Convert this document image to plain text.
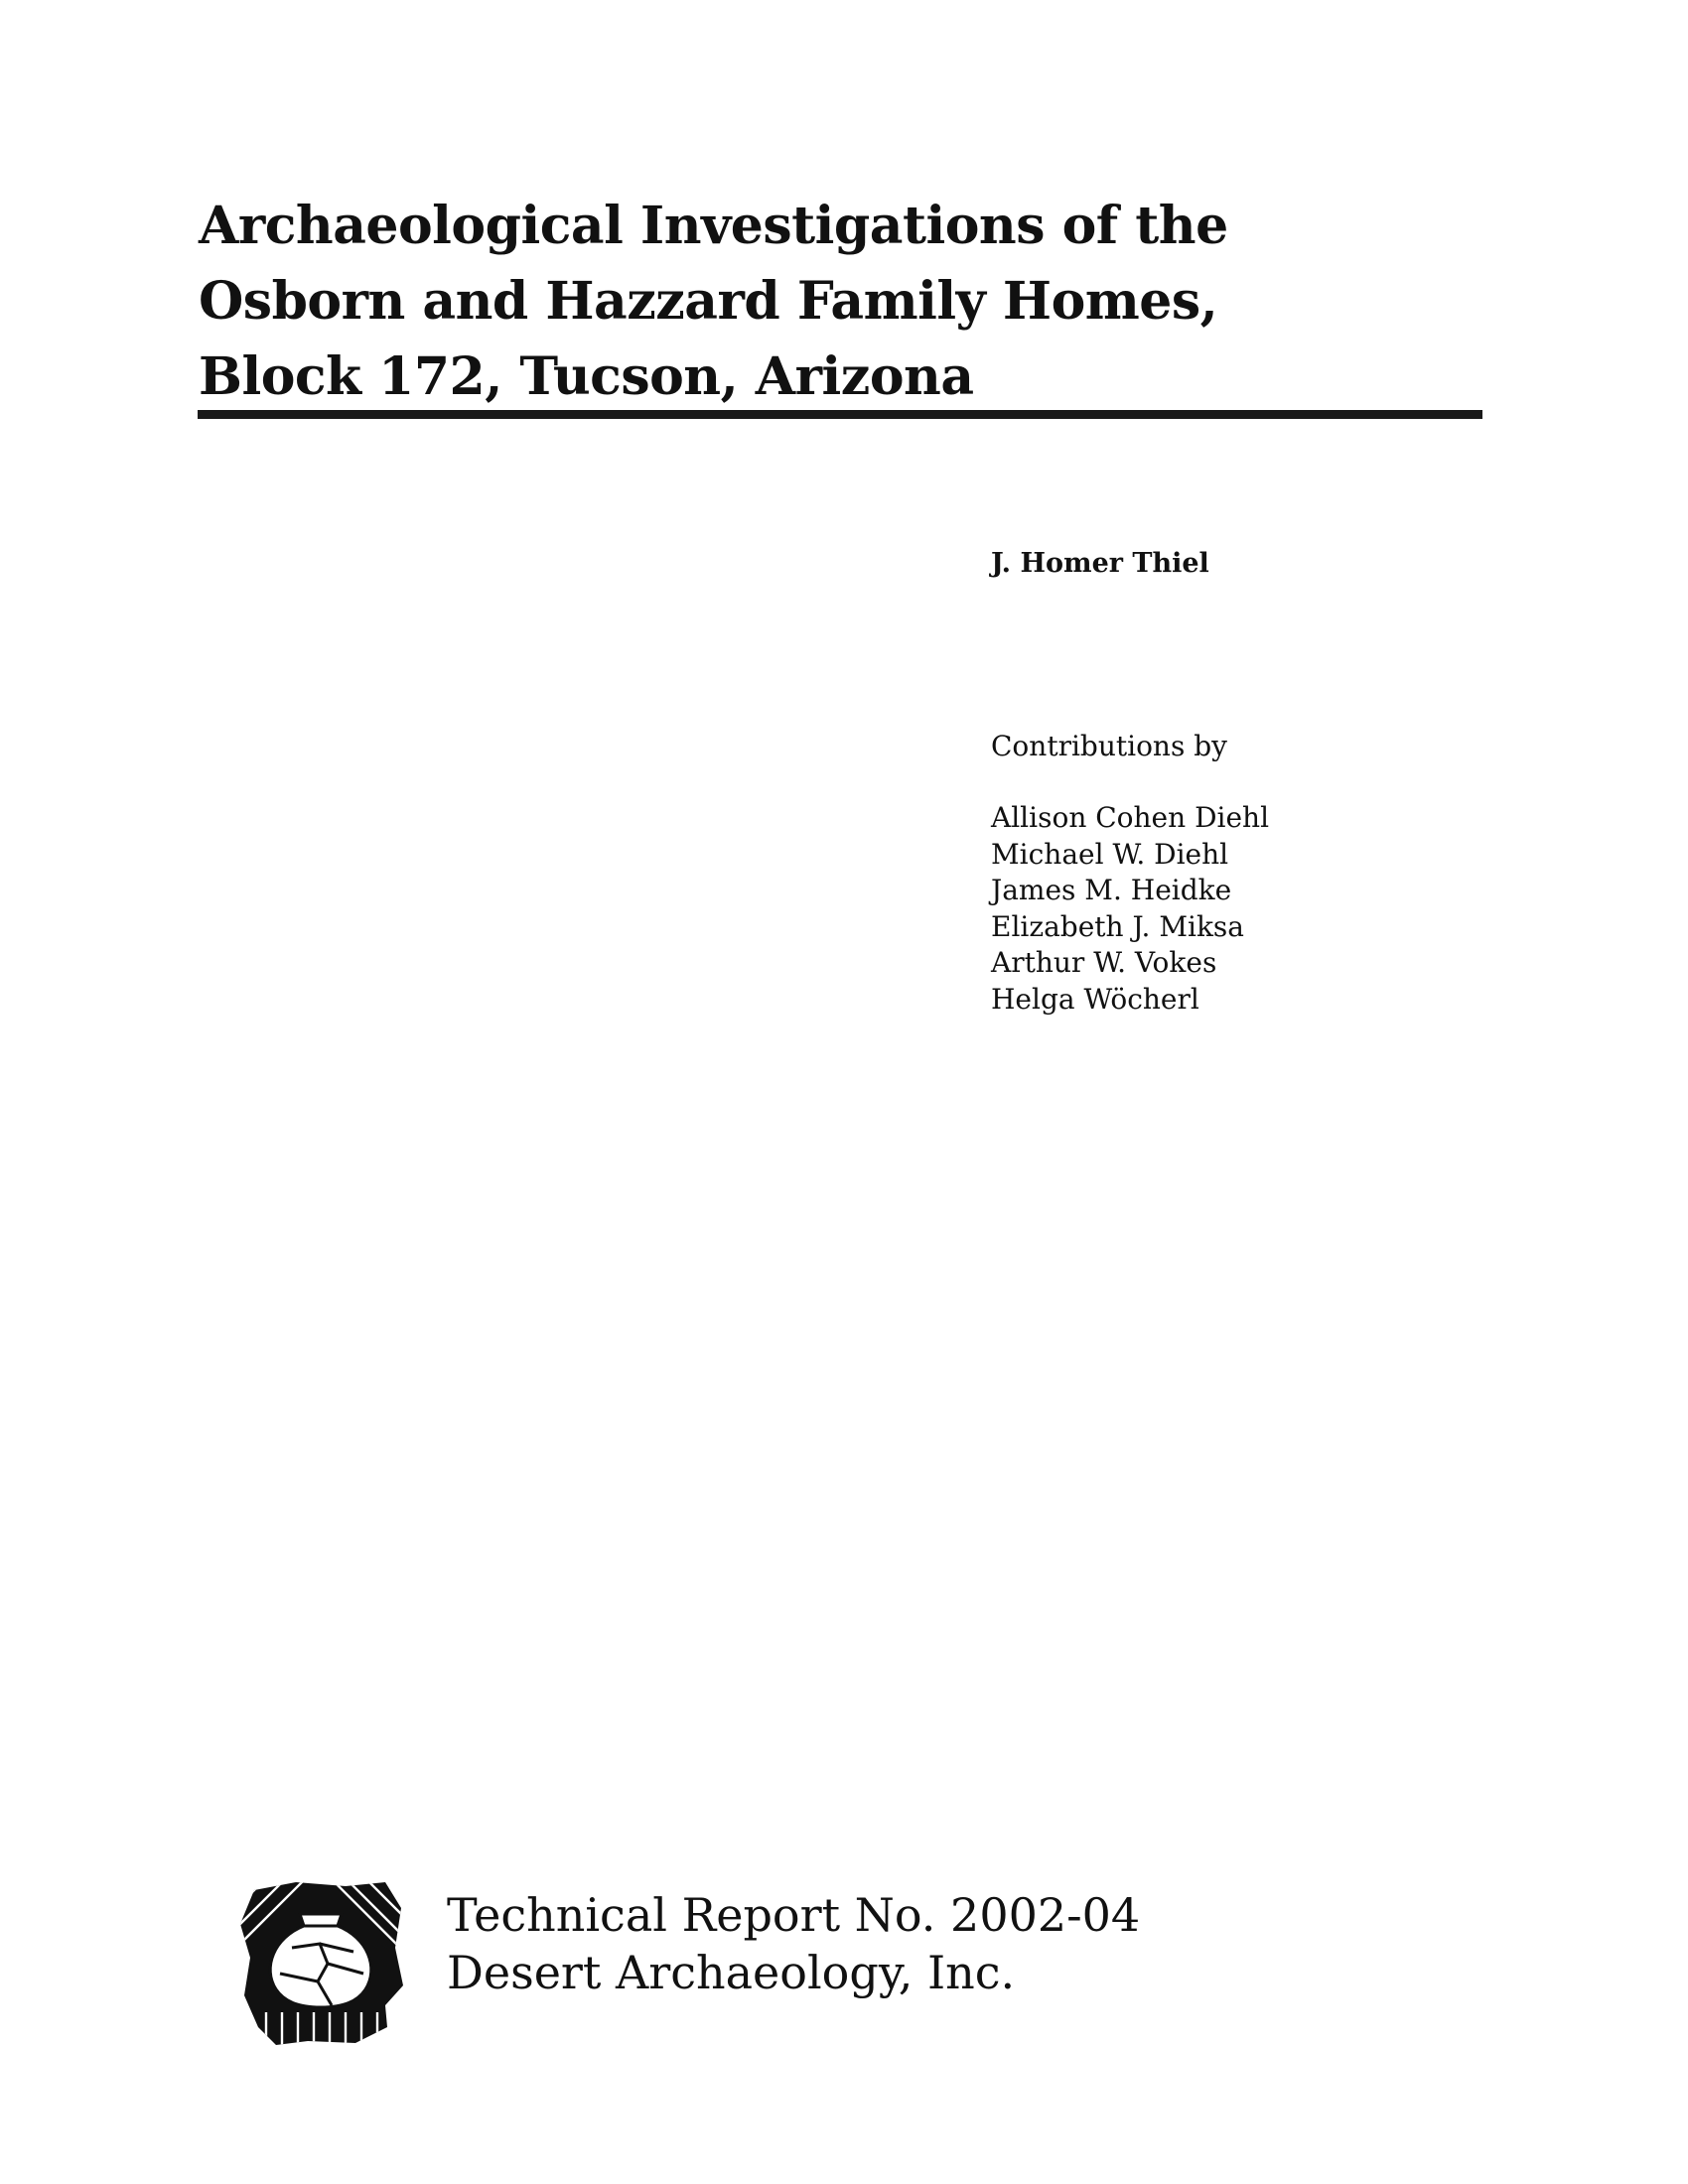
Archaeological Investigations of the
Osborn and Hazzard Family Homes,
Block 172, Tucson, Arizona
J. Homer Thiel
Contributions by
Allison Cohen Diehl
Michael W. Diehl
James M. Heidke
Elizabeth J. Miksa
Arthur W. Vokes
Helga Wöcherl
Technical Report No. 2002-04
Desert Archaeology, Inc.
